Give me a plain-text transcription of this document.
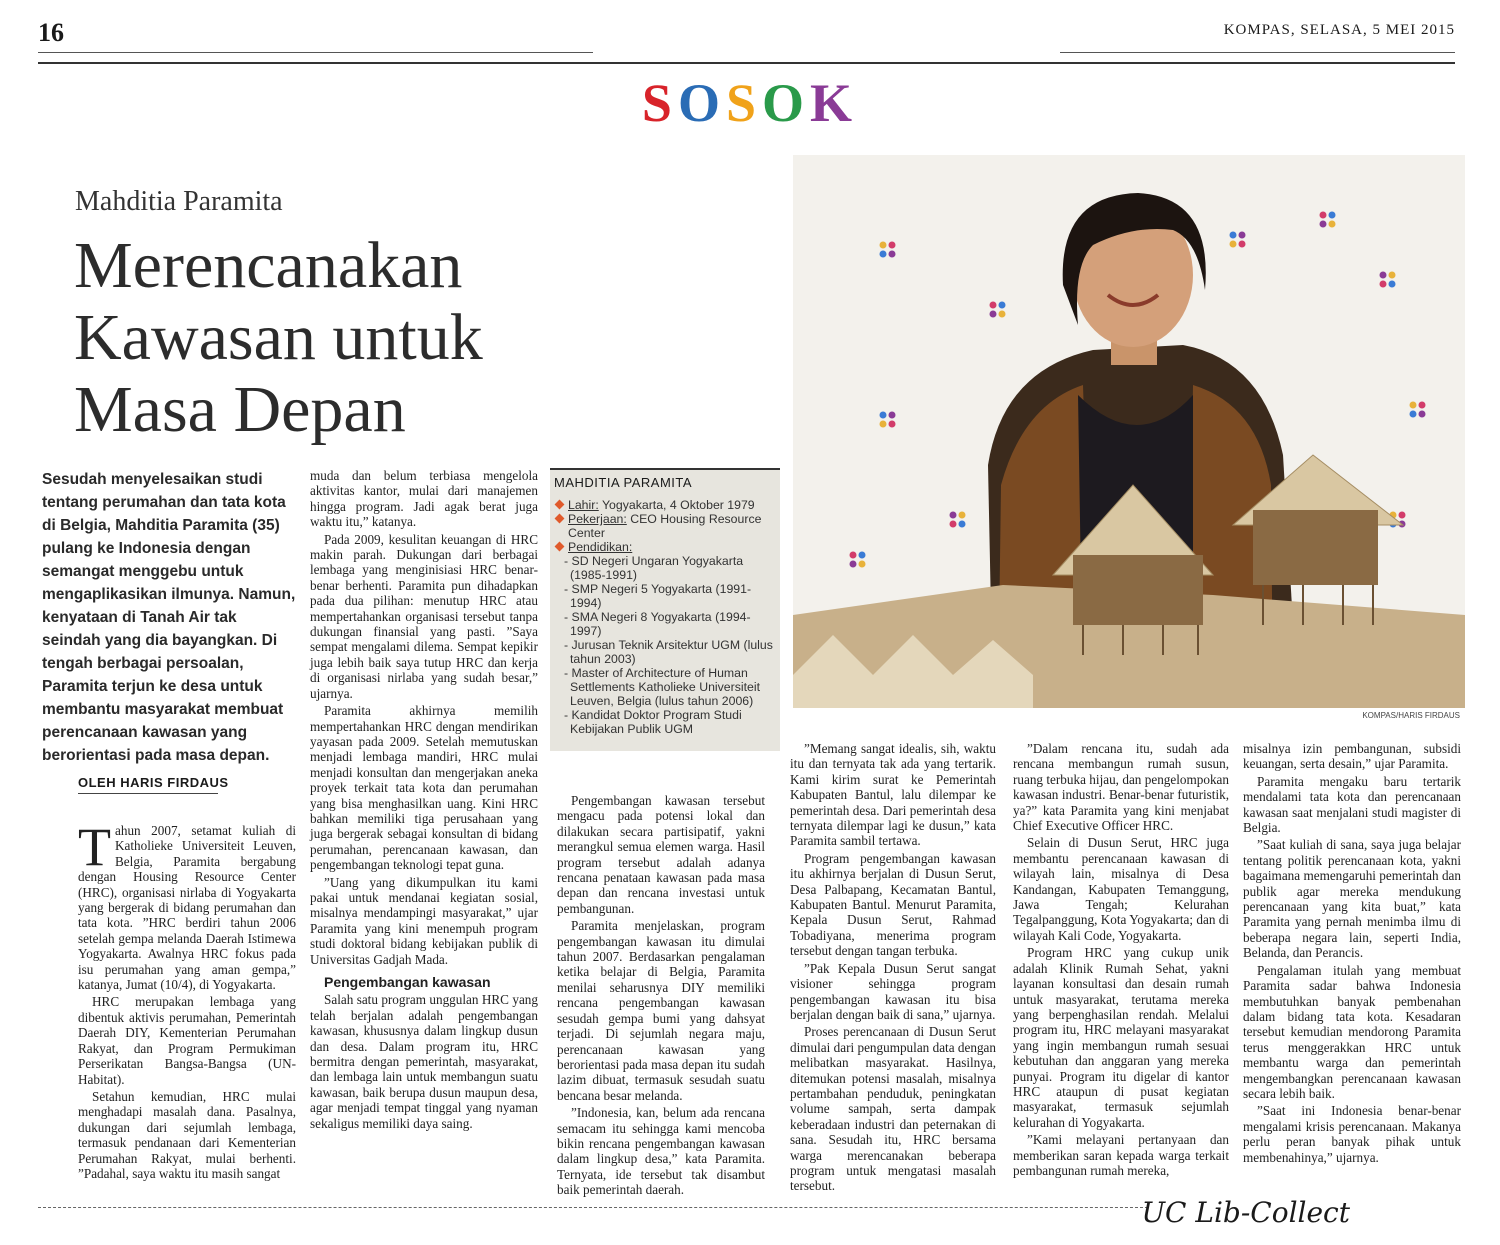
16	KOMPAS, SELASA, 5 MEI 2015
SOSOK
Mahditia Paramita
Merencanakan
Kawasan untuk
Masa Depan
Sesudah menyelesaikan studi tentang perumahan dan tata kota di Belgia, Mahditia Paramita (35) pulang ke Indonesia dengan semangat menggebu untuk mengaplikasikan ilmunya. Namun, kenyataan di Tanah Air tak seindah yang dia bayangkan. Di tengah berbagai persoalan, Paramita terjun ke desa untuk membantu masyarakat membuat perencanaan kawasan yang berorientasi pada masa depan.
OLEH HARIS FIRDAUS

Tahun 2007, setamat kuliah di Katholieke Universiteit Leuven, Belgia, Paramita bergabung dengan Housing Resource Center (HRC), organisasi nirlaba di Yogyakarta yang bergerak di bidang perumahan dan tata kota. ”HRC berdiri tahun 2006 setelah gempa melanda Daerah Istimewa Yogyakarta. Awalnya HRC fokus pada isu perumahan yang aman gempa,” katanya, Jumat (10/4), di Yogyakarta.

HRC merupakan lembaga yang dibentuk aktivis perumahan, Pemerintah Daerah DIY, Kementerian Perumahan Rakyat, dan Program Permukiman Perserikatan Bangsa-Bangsa (UN-Habitat).

Setahun kemudian, HRC mulai menghadapi masalah dana. Pasalnya, dukungan dari sejumlah lembaga, termasuk pendanaan dari Kementerian Perumahan Rakyat, mulai berhenti. ”Padahal, saya waktu itu masih sangat

muda dan belum terbiasa mengelola aktivitas kantor, mulai dari manajemen hingga program. Jadi agak berat juga waktu itu,” katanya.

Pada 2009, kesulitan keuangan di HRC makin parah. Dukungan dari berbagai lembaga yang menginisiasi HRC benar-benar berhenti. Paramita pun dihadapkan pada dua pilihan: menutup HRC atau mempertahankan organisasi tersebut tanpa dukungan finansial yang pasti. ”Saya sempat mengalami dilema. Sempat kepikir juga lebih baik saya tutup HRC dan kerja di organisasi nirlaba yang sudah besar,” ujarnya.

Paramita akhirnya memilih mempertahankan HRC dengan mendirikan yayasan pada 2009. Setelah memutuskan menjadi lembaga mandiri, HRC mulai menjadi konsultan dan mengerjakan aneka proyek terkait tata kota dan perumahan yang bisa menghasilkan uang. Kini HRC bahkan memiliki tiga perusahaan yang juga bergerak sebagai konsultan di bidang perumahan, perencanaan kawasan, dan pengembangan teknologi tepat guna.

”Uang yang dikumpulkan itu kami pakai untuk mendanai kegiatan sosial, misalnya mendampingi masyarakat,” ujar Paramita yang kini menempuh program studi doktoral bidang kebijakan publik di Universitas Gadjah Mada.

Pengembangan kawasan

Salah satu program unggulan HRC yang telah berjalan adalah pengembangan kawasan, khususnya dalam lingkup dusun dan desa. Dalam program itu, HRC bermitra dengan pemerintah, masyarakat, dan lembaga lain untuk membangun suatu kawasan, baik berupa dusun maupun desa, agar menjadi tempat tinggal yang nyaman sekaligus memiliki daya saing.

MAHDITIA PARAMITA
Lahir: Yogyakarta, 4 Oktober 1979
Pekerjaan: CEO Housing Resource Center
Pendidikan:
- SD Negeri Ungaran Yogyakarta (1985-1991)
- SMP Negeri 5 Yogyakarta (1991-1994)
- SMA Negeri 8 Yogyakarta (1994-1997)
- Jurusan Teknik Arsitektur UGM (lulus tahun 2003)
- Master of Architecture of Human Settlements Katholieke Universiteit Leuven, Belgia (lulus tahun 2006)
- Kandidat Doktor Program Studi Kebijakan Publik UGM
KOMPAS/HARIS FIRDAUS

Pengembangan kawasan tersebut mengacu pada potensi lokal dan dilakukan secara partisipatif, yakni merangkul semua elemen warga. Hasil program tersebut adalah adanya rencana penataan kawasan pada masa depan dan rencana investasi untuk pembangunan.

Paramita menjelaskan, program pengembangan kawasan itu dimulai tahun 2007. Berdasarkan pengalaman ketika belajar di Belgia, Paramita menilai seharusnya DIY memiliki rencana pengembangan kawasan sesudah gempa bumi yang dahsyat terjadi. Di sejumlah negara maju, perencanaan kawasan yang berorientasi pada masa depan itu sudah lazim dibuat, termasuk sesudah suatu bencana besar melanda.

”Indonesia, kan, belum ada rencana semacam itu sehingga kami mencoba bikin rencana pengembangan kawasan dalam lingkup desa,” kata Paramita. Ternyata, ide tersebut tak disambut baik pemerintah daerah.

”Memang sangat idealis, sih, waktu itu dan ternyata tak ada yang tertarik. Kami kirim surat ke Pemerintah Kabupaten Bantul, lalu dilempar ke pemerintah desa. Dari pemerintah desa ternyata dilempar lagi ke dusun,” kata Paramita sambil tertawa.

Program pengembangan kawasan itu akhirnya berjalan di Dusun Serut, Desa Palbapang, Kecamatan Bantul, Kabupaten Bantul. Menurut Paramita, Kepala Dusun Serut, Rahmad Tobadiyana, menerima program tersebut dengan tangan terbuka.

”Pak Kepala Dusun Serut sangat visioner sehingga program pengembangan kawasan itu bisa berjalan dengan baik di sana,” ujarnya.

Proses perencanaan di Dusun Serut dimulai dari pengumpulan data dengan melibatkan masyarakat. Hasilnya, ditemukan potensi masalah, misalnya pertambahan penduduk, peningkatan volume sampah, serta dampak keberadaan industri dan peternakan di sana. Sesudah itu, HRC bersama warga merencanakan beberapa program untuk mengatasi masalah tersebut.

”Dalam rencana itu, sudah ada rencana membangun rumah susun, ruang terbuka hijau, dan pengelompokan kawasan industri. Benar-benar futuristik, ya?” kata Paramita yang kini menjabat Chief Executive Officer HRC.

Selain di Dusun Serut, HRC juga membantu perencanaan kawasan di wilayah lain, misalnya di Desa Kandangan, Kabupaten Temanggung, Jawa Tengah; Kelurahan Tegalpanggung, Kota Yogyakarta; dan di wilayah Kali Code, Yogyakarta.

Program HRC yang cukup unik adalah Klinik Rumah Sehat, yakni layanan konsultasi dan desain rumah untuk masyarakat, terutama mereka yang berpenghasilan rendah. Melalui program itu, HRC melayani masyarakat yang ingin membangun rumah sesuai kebutuhan dan anggaran yang mereka punyai. Program itu digelar di kantor HRC ataupun di pusat kegiatan masyarakat, termasuk sejumlah kelurahan di Yogyakarta.

”Kami melayani pertanyaan dan memberikan saran kepada warga terkait pembangunan rumah mereka,

misalnya izin pembangunan, subsidi keuangan, serta desain,” ujar Paramita.

Paramita mengaku baru tertarik mendalami tata kota dan perencanaan kawasan saat menjalani studi magister di Belgia.

”Saat kuliah di sana, saya juga belajar tentang politik perencanaan kota, yakni bagaimana memengaruhi pemerintah dan publik agar mereka mendukung perencanaan yang kita buat,” kata Paramita yang pernah menimba ilmu di beberapa negara lain, seperti India, Belanda, dan Perancis.

Pengalaman itulah yang membuat Paramita sadar bahwa Indonesia membutuhkan banyak pembenahan dalam bidang tata kota. Kesadaran tersebut kemudian mendorong Paramita terus menggerakkan HRC untuk membantu warga dan pemerintah mengembangkan perencanaan kawasan secara lebih baik.

”Saat ini Indonesia benar-benar mengalami krisis perencanaan. Makanya perlu peran banyak pihak untuk membenahinya,” ujarnya.

UC Lib-Collect
